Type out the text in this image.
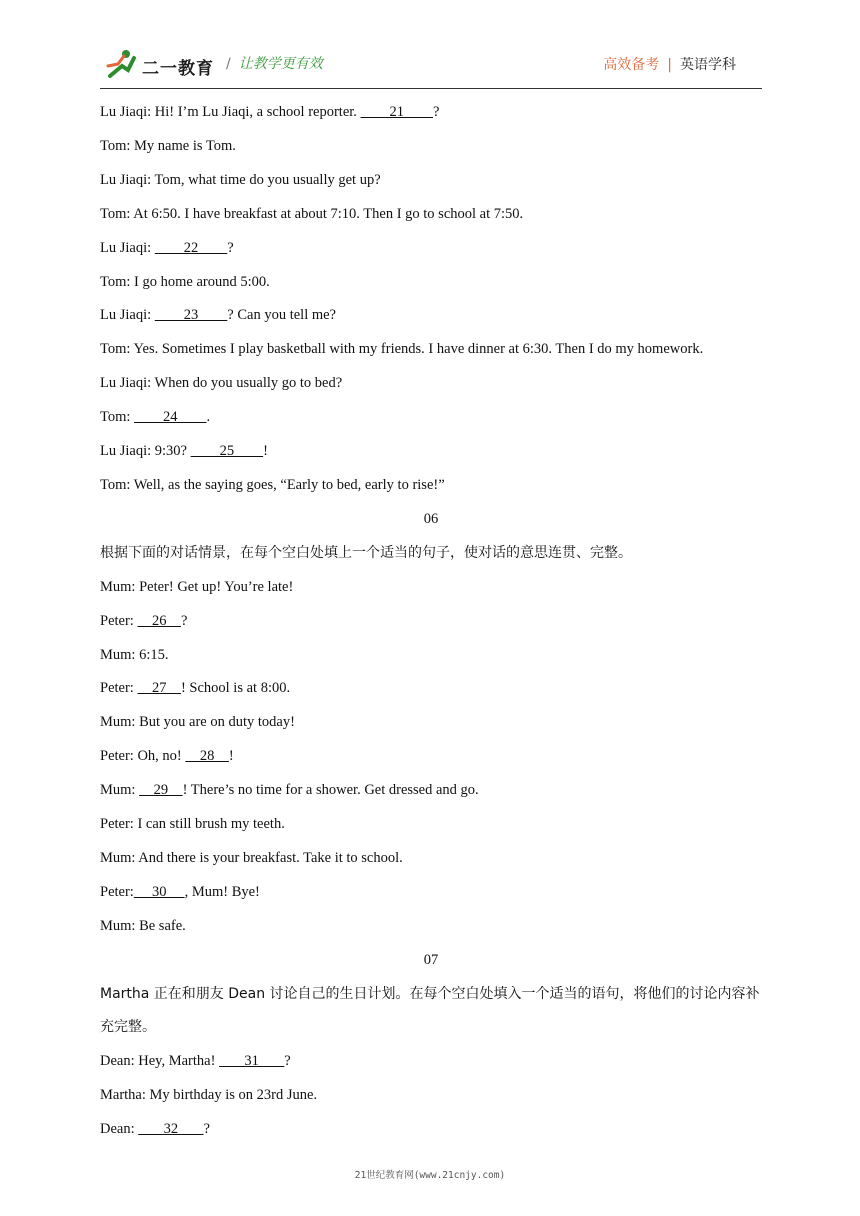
二一教育 / 让教学更有效	高效备考 | 英语学科
Lu Jiaqi: Hi! I’m Lu Jiaqi, a school reporter.         21        ?
Tom: My name is Tom.
Lu Jiaqi: Tom, what time do you usually get up?
Tom: At 6:50. I have breakfast at about 7:10. Then I go to school at 7:50.
Lu Jiaqi:         22        ?
Tom: I go home around 5:00.
Lu Jiaqi:         23        ? Can you tell me?
Tom: Yes. Sometimes I play basketball with my friends. I have dinner at 6:30. Then I do my homework.
Lu Jiaqi: When do you usually go to bed?
Tom:         24        .
Lu Jiaqi: 9:30?         25        !
Tom: Well, as the saying goes, “Early to bed, early to rise!”
06
根据下面的对话情景，在每个空白处填上一个适当的句子，使对话的意思连贯、完整。
Mum: Peter! Get up! You’re late!
Peter:     26    ?
Mum: 6:15.
Peter:     27    ! School is at 8:00.
Mum: But you are on duty today!
Peter: Oh, no!     28    !
Mum:     29    ! There’s no time for a shower. Get dressed and go.
Peter: I can still brush my teeth.
Mum: And there is your breakfast. Take it to school.
Peter:     30     , Mum! Bye!
Mum: Be safe.
07
Martha 正在和朋友 Dean 讨论自己的生日计划。在每个空白处填入一个适当的语句，将他们的讨论内容补充完整。
Dean: Hey, Martha!        31       ?
Martha: My birthday is on 23rd June.
Dean:        32       ?
21世纪教育网(www.21cnjy.com)
